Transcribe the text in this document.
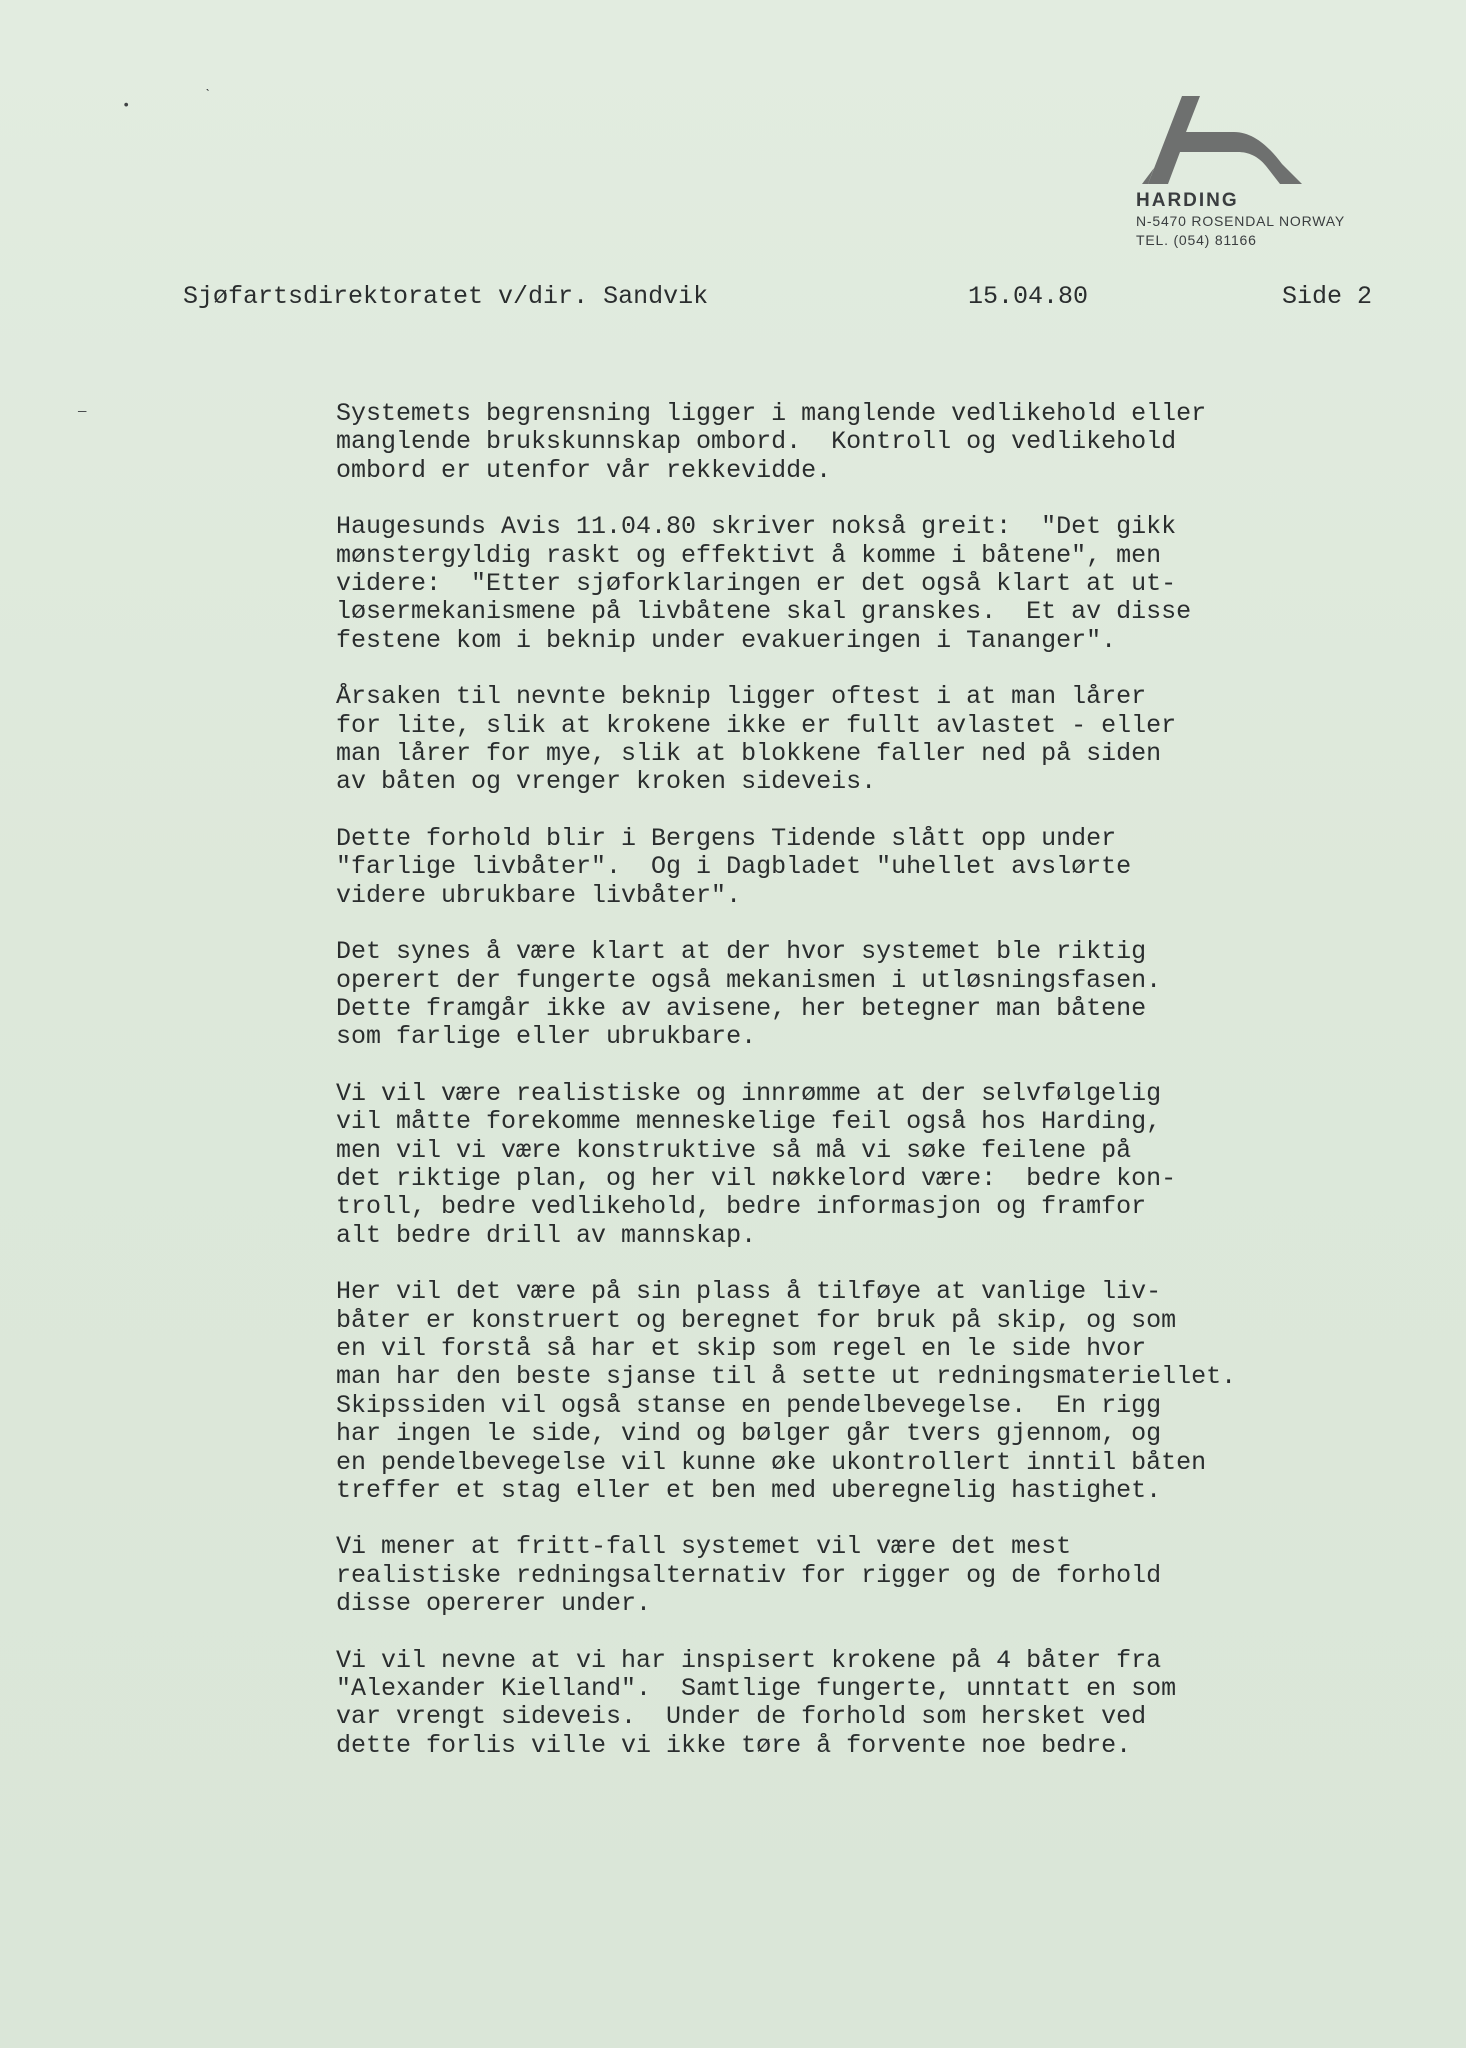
•
ˋ
—
HARDING
N-5470 ROSENDAL NORWAY
TEL. (054) 81166
Sjøfartsdirektoratet v/dir. Sandvik	15.04.80	Side 2
Systemets begrensning ligger i manglende vedlikehold eller
manglende brukskunnskap ombord.  Kontroll og vedlikehold
ombord er utenfor vår rekkevidde.
Haugesunds Avis 11.04.80 skriver nokså greit:  "Det gikk
mønstergyldig raskt og effektivt å komme i båtene", men
videre:  "Etter sjøforklaringen er det også klart at ut-
løsermekanismene på livbåtene skal granskes.  Et av disse
festene kom i beknip under evakueringen i Tananger".
Årsaken til nevnte beknip ligger oftest i at man lårer
for lite, slik at krokene ikke er fullt avlastet - eller
man lårer for mye, slik at blokkene faller ned på siden
av båten og vrenger kroken sideveis.
Dette forhold blir i Bergens Tidende slått opp under
"farlige livbåter".  Og i Dagbladet "uhellet avslørte
videre ubrukbare livbåter".
Det synes å være klart at der hvor systemet ble riktig
operert der fungerte også mekanismen i utløsningsfasen.
Dette framgår ikke av avisene, her betegner man båtene
som farlige eller ubrukbare.
Vi vil være realistiske og innrømme at der selvfølgelig
vil måtte forekomme menneskelige feil også hos Harding,
men vil vi være konstruktive så må vi søke feilene på
det riktige plan, og her vil nøkkelord være:  bedre kon-
troll, bedre vedlikehold, bedre informasjon og framfor
alt bedre drill av mannskap.
Her vil det være på sin plass å tilføye at vanlige liv-
båter er konstruert og beregnet for bruk på skip, og som
en vil forstå så har et skip som regel en le side hvor
man har den beste sjanse til å sette ut redningsmateriellet.
Skipssiden vil også stanse en pendelbevegelse.  En rigg
har ingen le side, vind og bølger går tvers gjennom, og
en pendelbevegelse vil kunne øke ukontrollert inntil båten
treffer et stag eller et ben med uberegnelig hastighet.
Vi mener at fritt-fall systemet vil være det mest
realistiske redningsalternativ for rigger og de forhold
disse opererer under.
Vi vil nevne at vi har inspisert krokene på 4 båter fra
"Alexander Kielland".  Samtlige fungerte, unntatt en som
var vrengt sideveis.  Under de forhold som hersket ved
dette forlis ville vi ikke tøre å forvente noe bedre.
